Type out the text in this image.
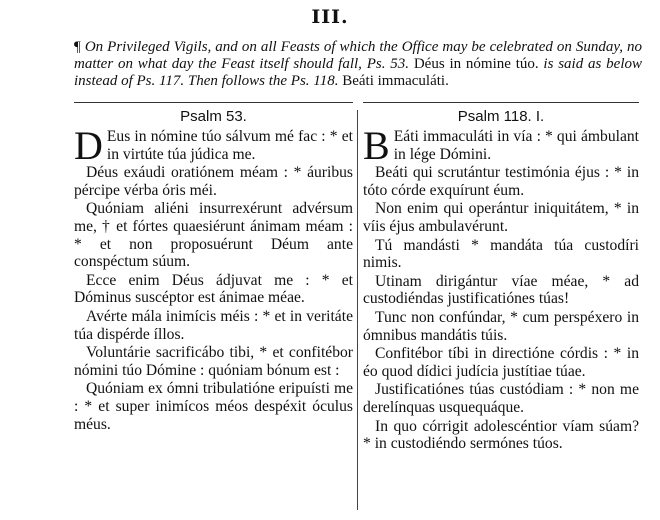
III.
¶ On Privileged Vigils, and on all Feasts of which the Office may be celebrated on Sunday, no matter on what day the Feast itself should fall, Ps. 53. Déus in nómine túo. is said as below instead of Ps. 117. Then follows the Ps. 118. Beáti immaculáti.
Psalm 53.
D Eus in nómine túo sálvum mé fac : * et in virtúte túa júdica me.
Déus exáudi oratiónem méam : * áuribus pércipe vérba óris méi.
Quóniam aliéni insurrexérunt advérsum me, † et fórtes quaesiérunt ánimam méam : * et non proposuérunt Déum ante conspéctum súum.
Ecce enim Déus ádjuvat me : * et Dóminus suscéptor est ánimae méae.
Avérte mála inimícis méis : * et in veritáte túa dispérde íllos.
Voluntárie sacrificábo tibi, * et confitébor nómini túo Dómine : quóniam bónum est :
Quóniam ex ómni tribulatióne eripuísti me : * et super inimícos méos despéxit óculus méus.
Psalm 118. I.
B Eáti immaculáti in vía : * qui ámbulant in lége Dómini.
Beáti qui scrutántur testimónia éjus : * in tóto córde exquírunt éum.
Non enim qui operántur iniquitátem, * in víis éjus ambulavérunt.
Tú mandásti * mandáta túa custodíri nimis.
Utinam dirigántur víae méae, * ad custodiéndas justificatiónes túas!
Tunc non confúndar, * cum perspéxero in ómnibus mandátis túis.
Confitébor tíbi in directióne córdis : * in éo quod dídici judícia justítiae túae.
Justificatiónes túas custódiam : * non me derelínquas usquequáque.
In quo córrigit adolescéntior víam súam? * in custodiéndo sermónes túos.
